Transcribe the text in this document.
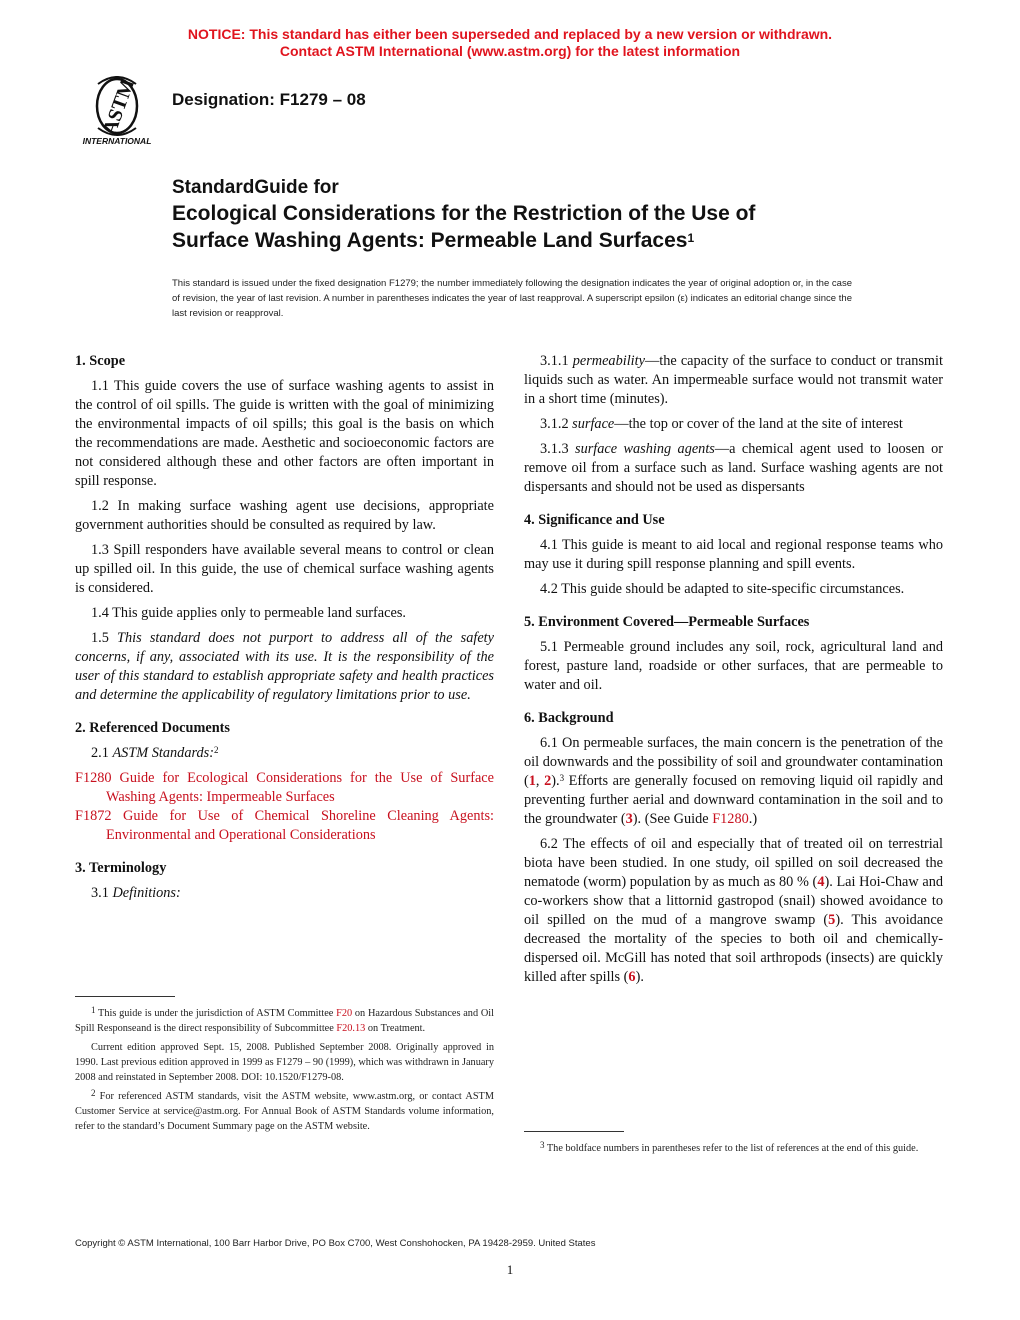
NOTICE: This standard has either been superseded and replaced by a new version or withdrawn.
Contact ASTM International (www.astm.org) for the latest information
ASTM
INTERNATIONAL
Designation: F1279 – 08
StandardGuide for
Ecological Considerations for the Restriction of the Use of
Surface Washing Agents: Permeable Land Surfaces$^1$
This standard is issued under the fixed designation F1279; the number immediately following the designation indicates the year of original adoption or, in the case of revision, the year of last revision. A number in parentheses indicates the year of last reapproval. A superscript epsilon (ε) indicates an editorial change since the last revision or reapproval.
1. Scope

1.1 This guide covers the use of surface washing agents to assist in the control of oil spills. The guide is written with the goal of minimizing the environmental impacts of oil spills; this goal is the basis on which the recommendations are made. Aesthetic and socioeconomic factors are not considered although these and other factors are often important in spill response.

1.2 In making surface washing agent use decisions, appropriate government authorities should be consulted as required by law.

1.3 Spill responders have available several means to control or clean up spilled oil. In this guide, the use of chemical surface washing agents is considered.

1.4 This guide applies only to permeable land surfaces.

1.5 This standard does not purport to address all of the safety concerns, if any, associated with its use. It is the responsibility of the user of this standard to establish appropriate safety and health practices and determine the applicability of regulatory limitations prior to use.

2. Referenced Documents

2.1 ASTM Standards:$^2$

F1280 Guide for Ecological Considerations for the Use of Surface Washing Agents: Impermeable Surfaces

F1872 Guide for Use of Chemical Shoreline Cleaning Agents: Environmental and Operational Considerations

3. Terminology

3.1 Definitions:

3.1.1 permeability—the capacity of the surface to conduct or transmit liquids such as water. An impermeable surface would not transmit water in a short time (minutes).

3.1.2 surface—the top or cover of the land at the site of interest

3.1.3 surface washing agents—a chemical agent used to loosen or remove oil from a surface such as land. Surface washing agents are not dispersants and should not be used as dispersants

4. Significance and Use

4.1 This guide is meant to aid local and regional response teams who may use it during spill response planning and spill events.

4.2 This guide should be adapted to site-specific circumstances.

5. Environment Covered—Permeable Surfaces

5.1 Permeable ground includes any soil, rock, agricultural land and forest, pasture land, roadside or other surfaces, that are permeable to water and oil.

6. Background

6.1 On permeable surfaces, the main concern is the penetration of the oil downwards and the possibility of soil and groundwater contamination (1, 2).$^3$ Efforts are generally focused on removing liquid oil rapidly and preventing further aerial and downward contamination in the soil and to the groundwater (3). (See Guide F1280.)

6.2 The effects of oil and especially that of treated oil on terrestrial biota have been studied. In one study, oil spilled on soil decreased the nematode (worm) population by as much as 80 % (4). Lai Hoi-Chaw and co-workers show that a littornid gastropod (snail) showed avoidance to oil spilled on the mud of a mangrove swamp (5). This avoidance decreased the mortality of the species to both oil and chemically-dispersed oil. McGill has noted that soil arthropods (insects) are quickly killed after spills (6).

1 This guide is under the jurisdiction of ASTM Committee F20 on Hazardous Substances and Oil Spill Responseand is the direct responsibility of Subcommittee F20.13 on Treatment.

Current edition approved Sept. 15, 2008. Published September 2008. Originally approved in 1990. Last previous edition approved in 1999 as F1279 – 90 (1999), which was withdrawn in January 2008 and reinstated in September 2008. DOI: 10.1520/F1279-08.

2 For referenced ASTM standards, visit the ASTM website, www.astm.org, or contact ASTM Customer Service at service@astm.org. For Annual Book of ASTM Standards volume information, refer to the standard’s Document Summary page on the ASTM website.

3 The boldface numbers in parentheses refer to the list of references at the end of this guide.

Copyright © ASTM International, 100 Barr Harbor Drive, PO Box C700, West Conshohocken, PA 19428-2959. United States
1
